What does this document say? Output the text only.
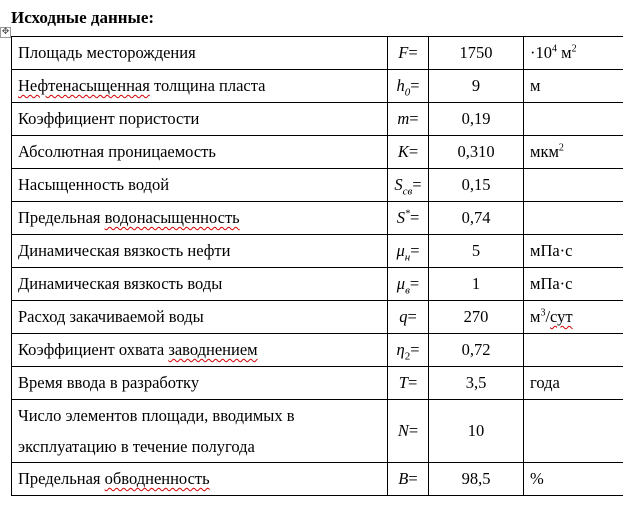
Исходные данные:
✥
Площадь месторождения	F=	1750	$\cdot 10^4$ $м^2$
Нефтенасыщенная толщина пласта	$h_0=$	9	м
Коэффициент пористости	m=	0,19	
Абсолютная проницаемость	K=	0,310	мкм$^2$
Насыщенность водой	$S_{св}=$	0,15	
Предельная водонасыщенность	S*=	0,74	
Динамическая вязкость нефти	$\mu_н=$	5	мПа·с
Динамическая вязкость воды	$\mu_в=$	1	мПа·с
Расход закачиваемой воды	q=	270	$м^3$/сут
Коэффициент охвата заводнением	$\eta_2=$	0,72	
Время ввода в разработку	T=	3,5	года

Число элементов площади, вводимых в
эксплуатацию в течение полугода	N=	10	
Предельная обводненность	B=	98,5	%
